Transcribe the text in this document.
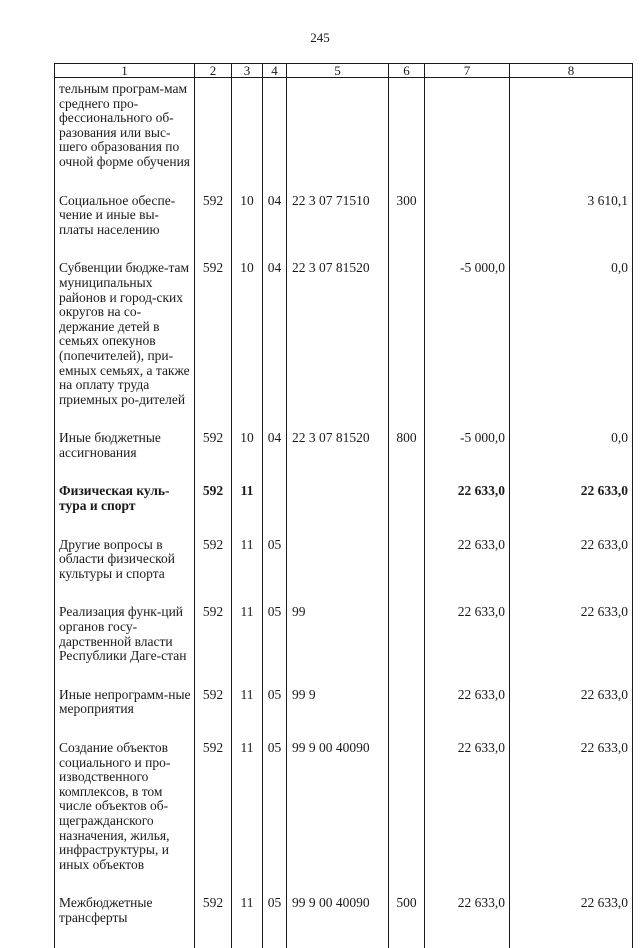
245
1	2	3	4	5	6	7	8
тельным програм-мам среднего про-фессионального об-разования или выс-шего образования по очной форме обучения							
Социальное обеспе-чение и иные вы-платы населению	592	10	04	22 3 07 71510	300		3 610,1
Субвенции бюдже-там муниципальных районов и город-ских округов на со-держание детей в семьях опекунов (попечителей), при-емных семьях, а также на оплату труда приемных ро-дителей	592	10	04	22 3 07 81520		-5 000,0	0,0
Иные бюджетные ассигнования	592	10	04	22 3 07 81520	800	-5 000,0	0,0
Физическая куль-тура и спорт	592	11				22 633,0	22 633,0
Другие вопросы в области физической культуры и спорта	592	11	05			22 633,0	22 633,0
Реализация функ-ций органов госу-дарственной власти Республики Даге-стан	592	11	05	99		22 633,0	22 633,0
Иные непрограмм-ные мероприятия	592	11	05	99 9		22 633,0	22 633,0
Создание объектов социального и про-изводственного комплексов, в том числе объектов об-щегражданского назначения, жилья, инфраструктуры, и иных объектов	592	11	05	99 9 00 40090		22 633,0	22 633,0
Межбюджетные трансферты	592	11	05	99 9 00 40090	500	22 633,0	22 633,0
